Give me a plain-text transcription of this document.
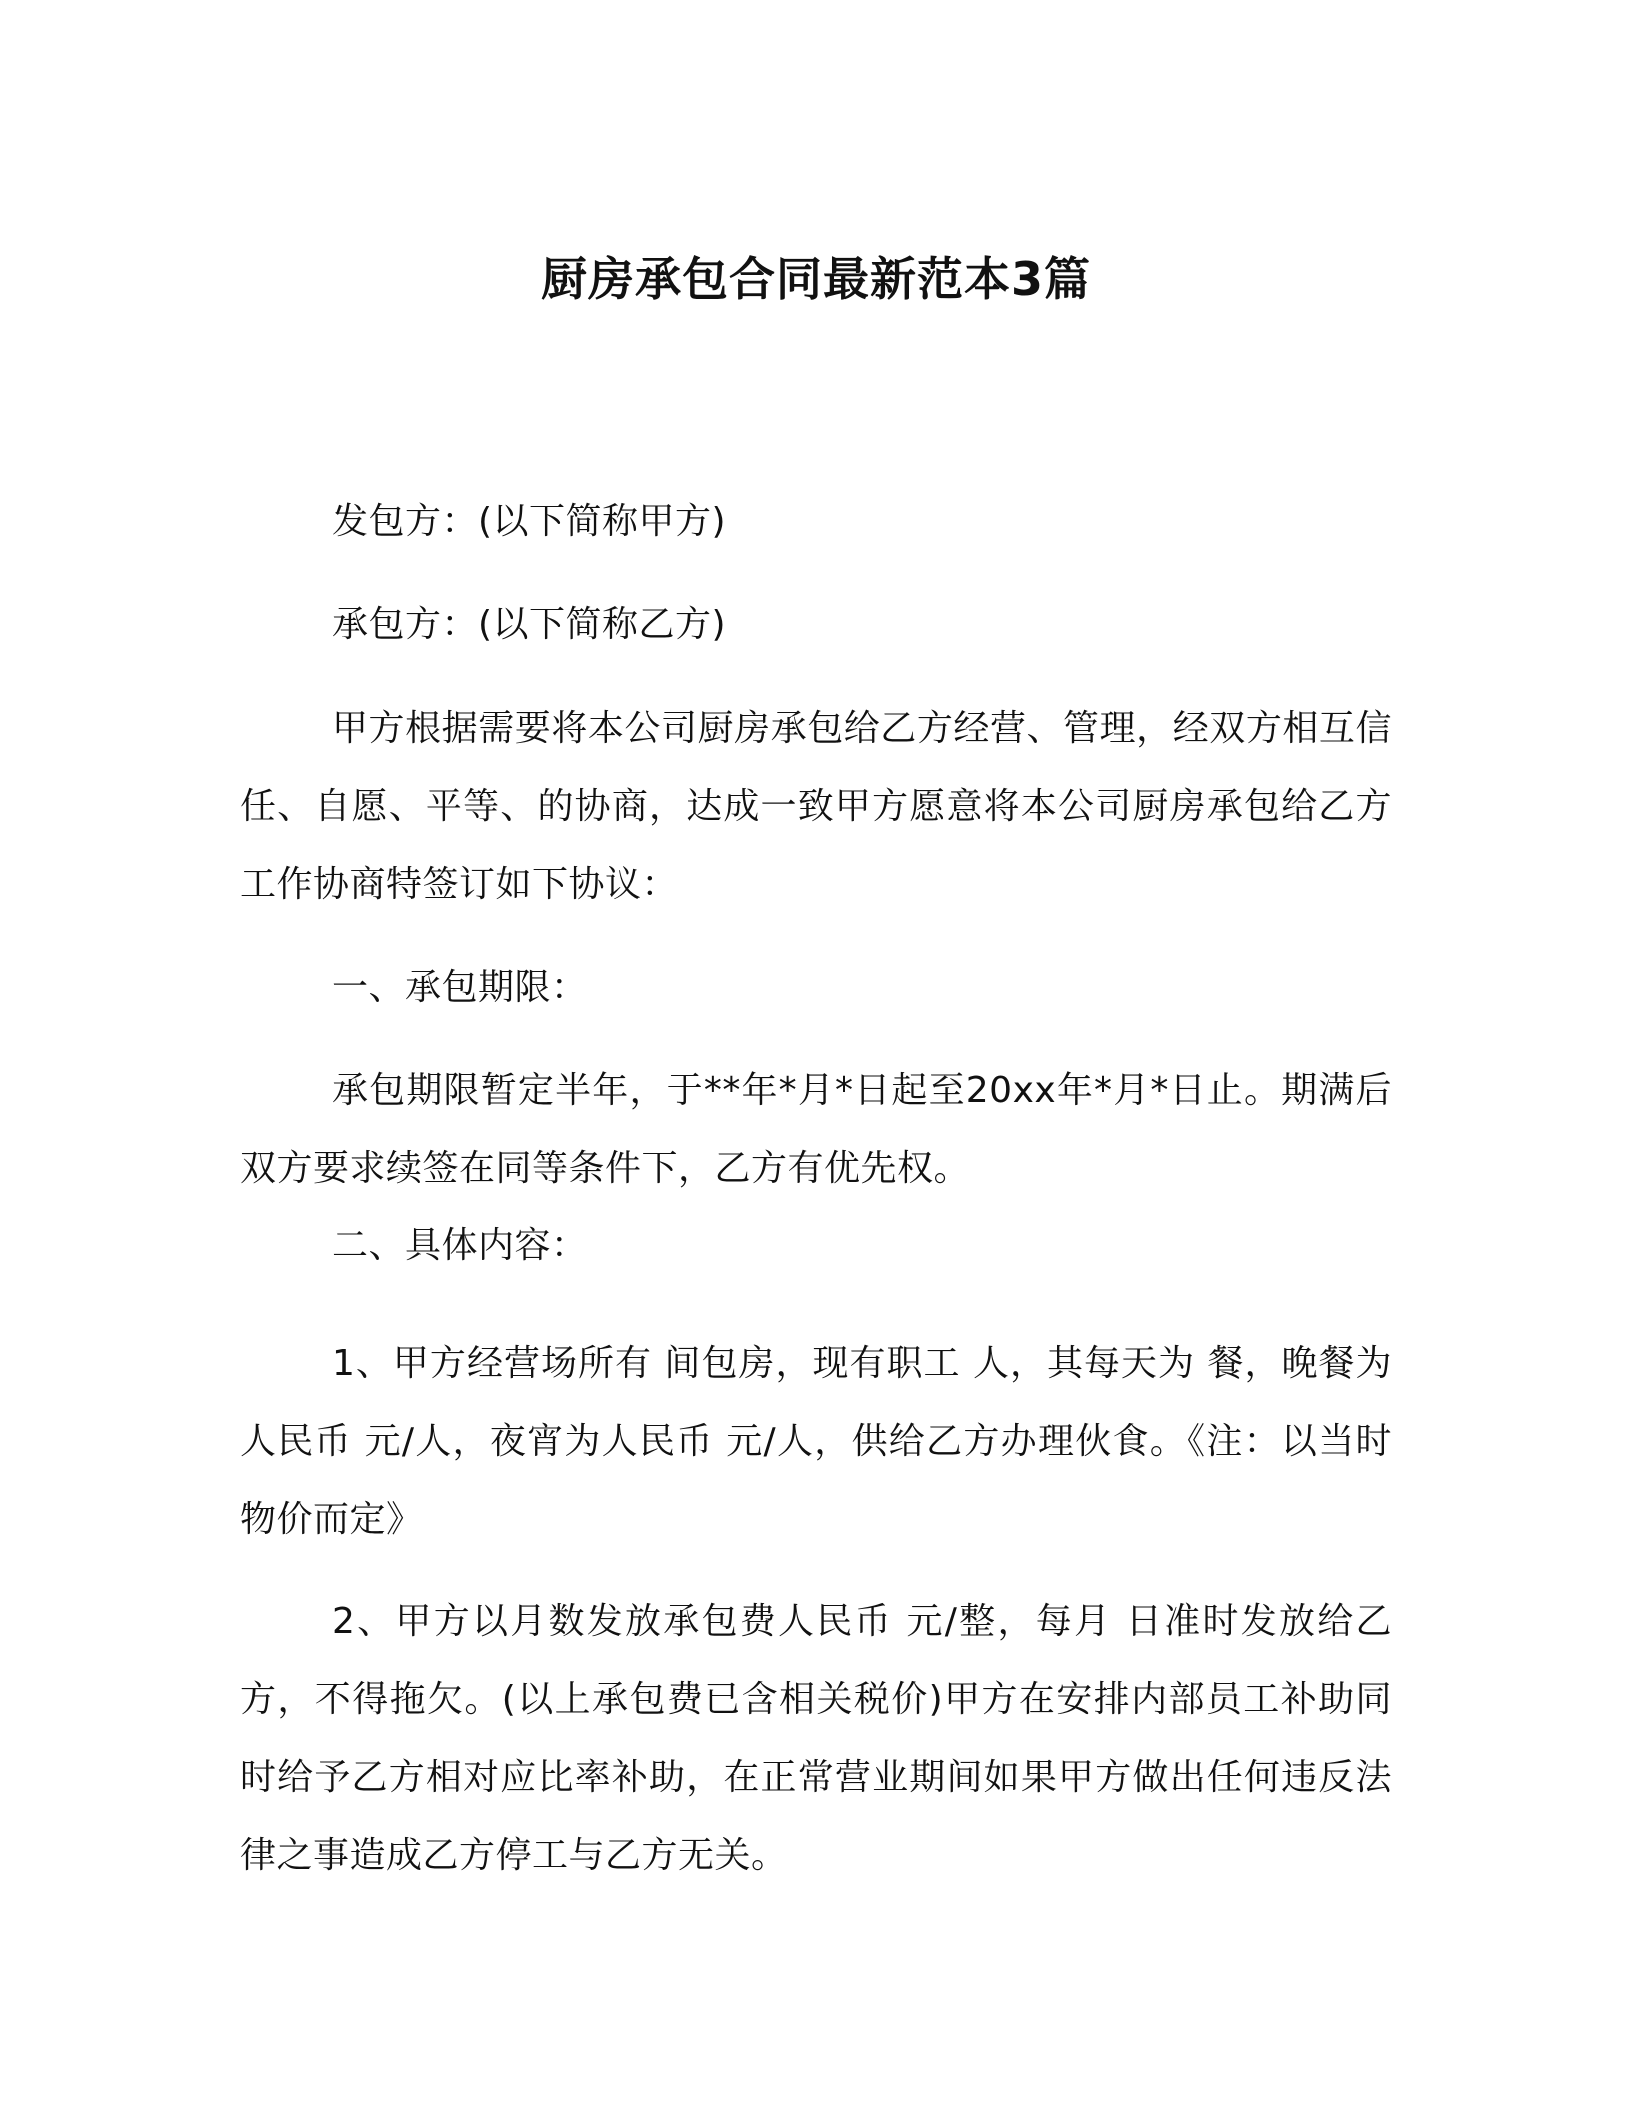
厨房承包合同最新范本3篇

发包方：(以下简称甲方)

承包方：(以下简称乙方)

甲方根据需要将本公司厨房承包给乙方经营、管理，经双方相互信任、自愿、平等、的协商，达成一致甲方愿意将本公司厨房承包给乙方工作协商特签订如下协议：

一、承包期限：

承包期限暂定半年，于**年*月*日起至20xx年*月*日止。期满后双方要求续签在同等条件下，乙方有优先权。

二、具体内容：

1、甲方经营场所有 间包房，现有职工 人，其每天为 餐，晚餐为人民币 元/人，夜宵为人民币 元/人，供给乙方办理伙食。《注：以当时物价而定》

2、甲方以月数发放承包费人民币 元/整，每月 日准时发放给乙方，不得拖欠。(以上承包费已含相关税价)甲方在安排内部员工补助同时给予乙方相对应比率补助，在正常营业期间如果甲方做出任何违反法律之事造成乙方停工与乙方无关。
